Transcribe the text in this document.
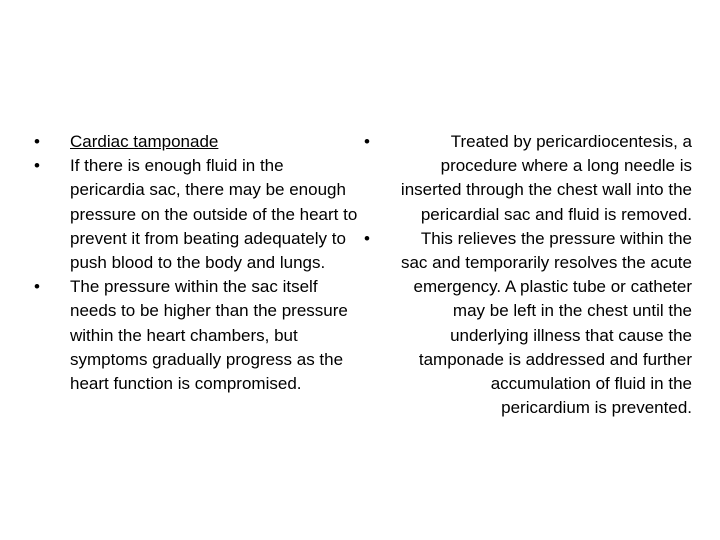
• Cardiac tamponade
• If there is enough fluid in the pericardia sac, there may be enough pressure on the outside of the heart to prevent it from beating adequately to push blood to the body and lungs.
• The pressure within the sac itself needs to be higher than the pressure within the heart chambers, but symptoms gradually progress as the heart function is compromised.
•	Treated by pericardiocentesis, a procedure where a long needle is inserted through the chest wall into the pericardial sac and fluid is removed.
•	This relieves the pressure within the sac and temporarily resolves the acute emergency. A plastic tube or catheter may be left in the chest until the underlying illness that cause the tamponade is addressed and further accumulation of fluid in the pericardium is prevented.
